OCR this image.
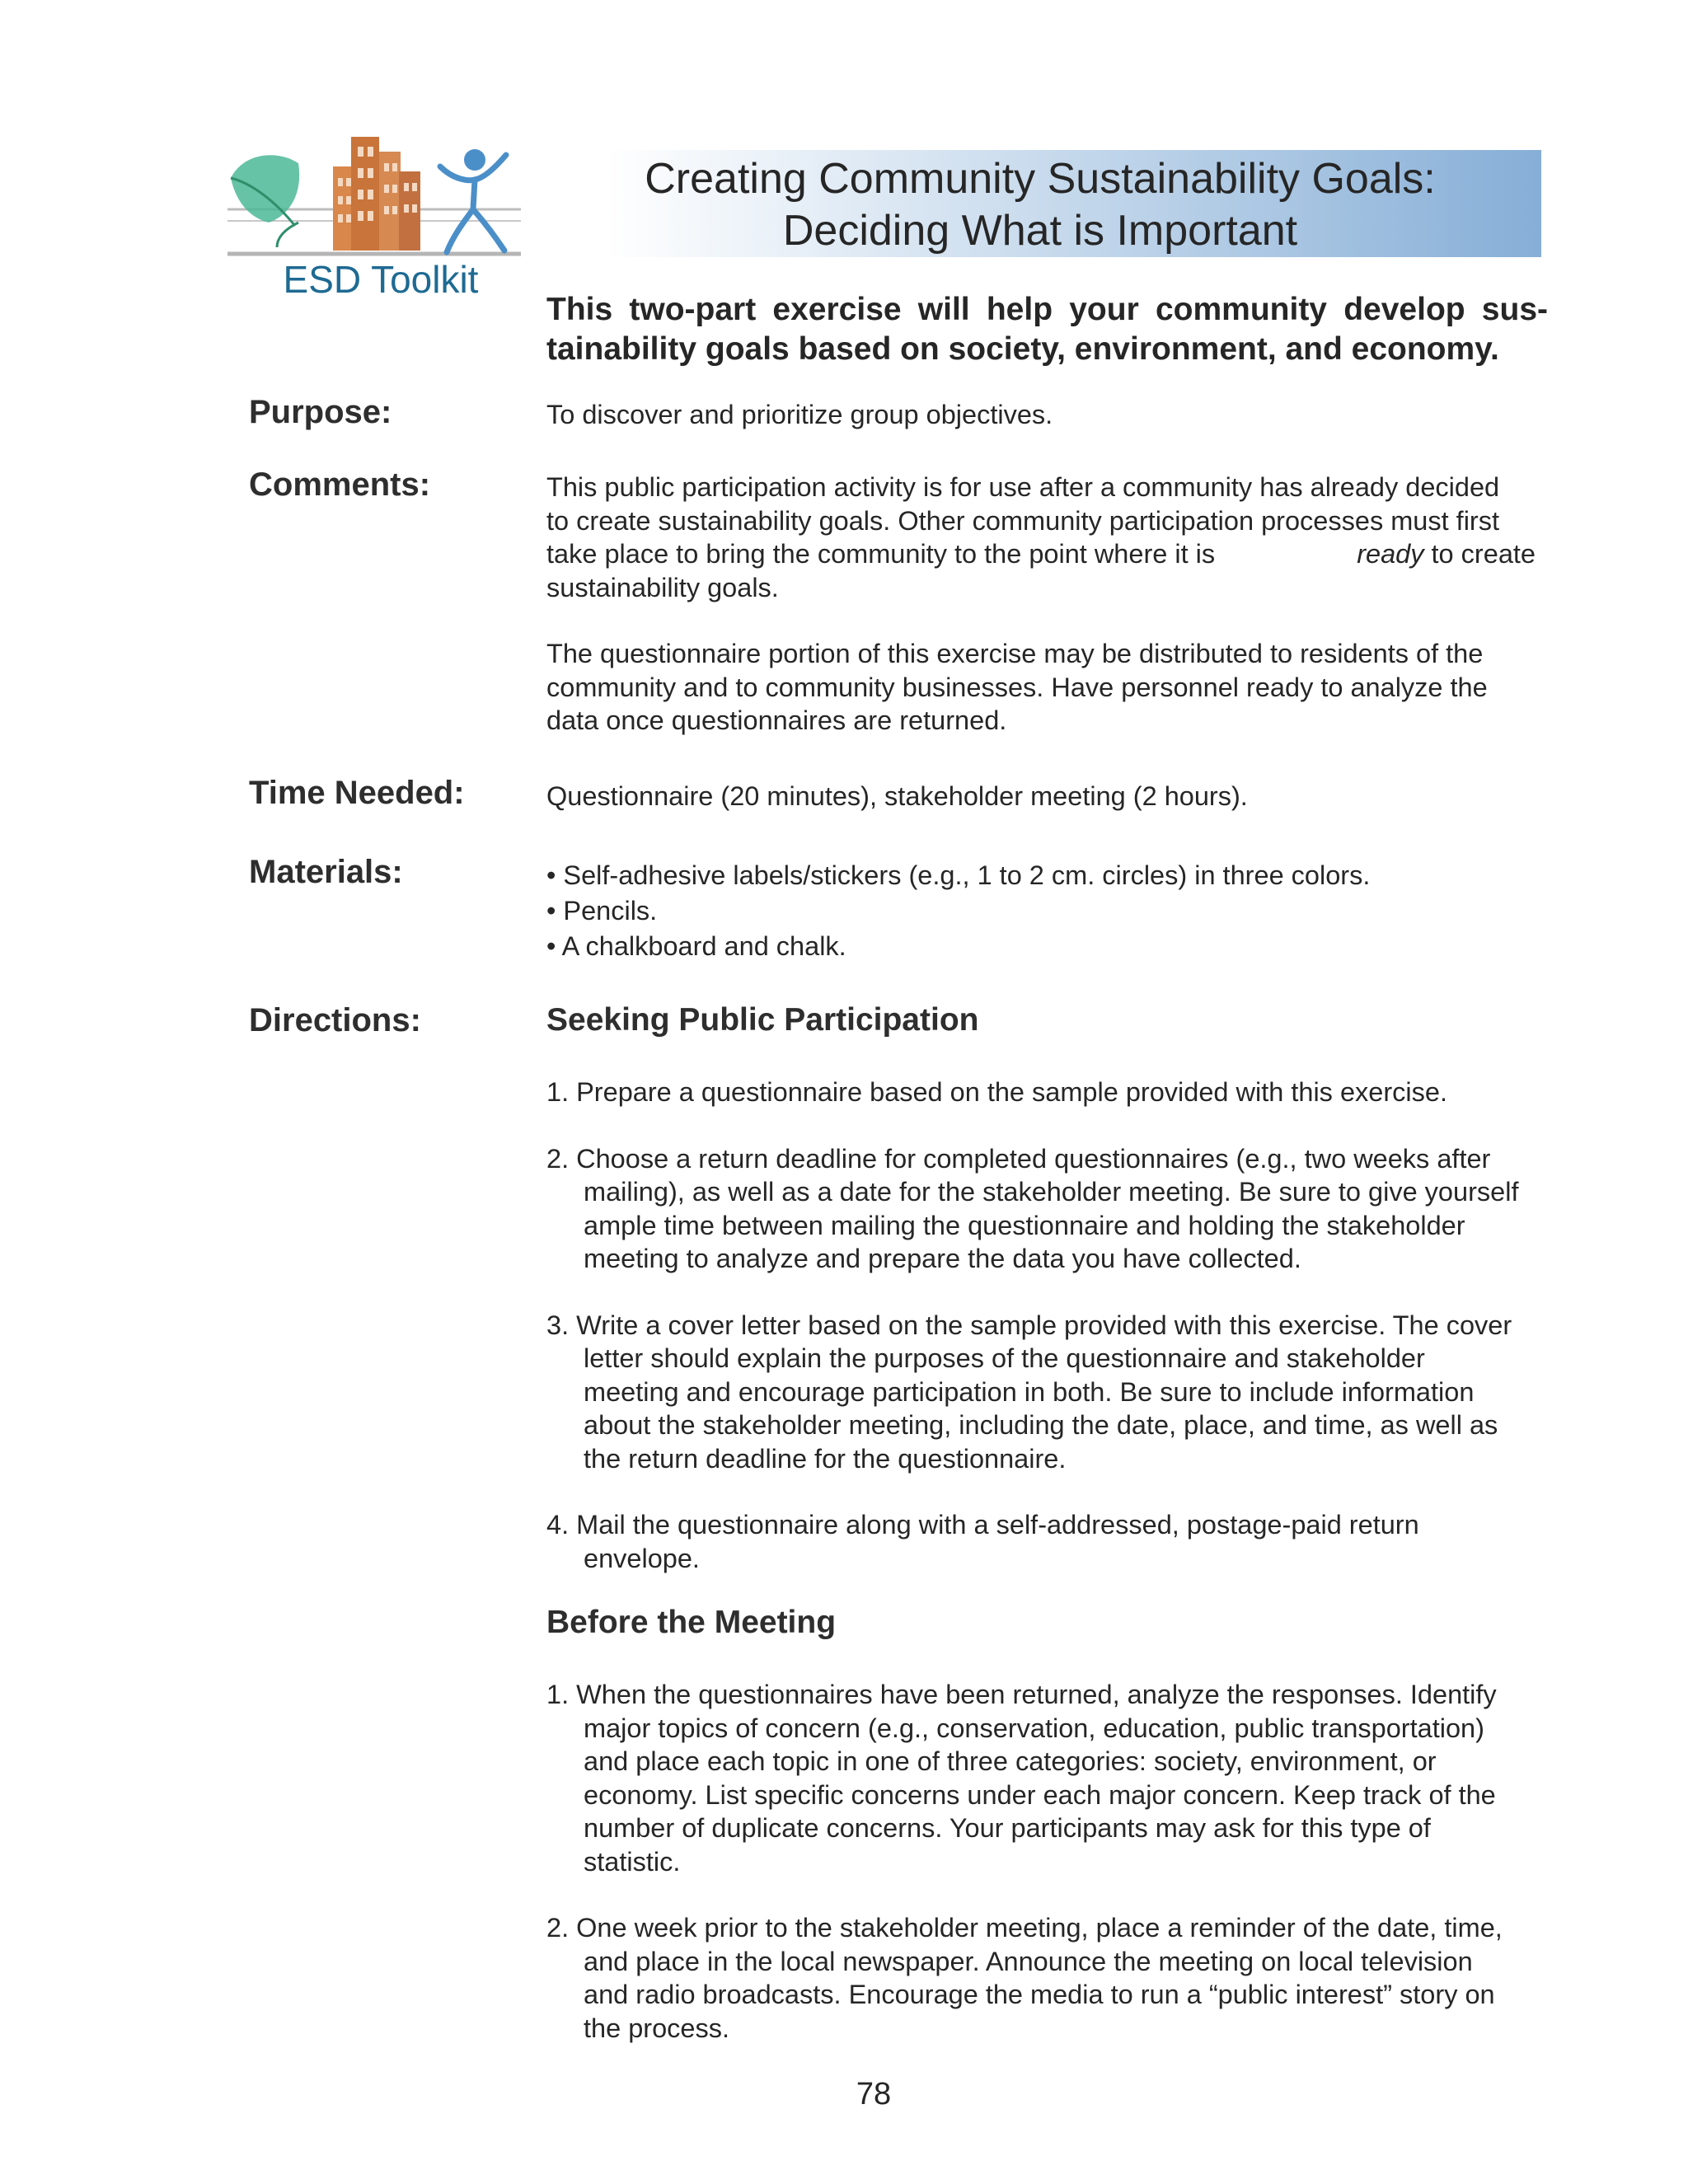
ESD Toolkit
Creating Community Sustainability Goals:
Deciding What is Important
This two-part exercise will help your community develop sus-
tainability goals based on society, environment, and economy.
Purpose:	To discover and prioritize group objectives.
Comments:	This public participation activity is for use after a community has already decided
to create sustainability goals. Other community participation processes must first
take place to bring the community to the point where it is	ready to create
sustainability goals.
The questionnaire portion of this exercise may be distributed to residents of the
community and to community businesses. Have personnel ready to analyze the
data once questionnaires are returned.
Time Needed:	Questionnaire (20 minutes), stakeholder meeting (2 hours).
Materials:	• Self-adhesive labels/stickers (e.g., 1 to 2 cm. circles) in three colors.
• Pencils.
• A chalkboard and chalk.
Directions:	Seeking Public Participation

1. Prepare a questionnaire based on the sample provided with this exercise.

2. Choose a return deadline for completed questionnaires (e.g., two weeks after mailing), as well as a date for the stakeholder meeting. Be sure to give yourself ample time between mailing the questionnaire and holding the stakeholder meeting to analyze and prepare the data you have collected.

3. Write a cover letter based on the sample provided with this exercise. The cover letter should explain the purposes of the questionnaire and stakeholder meeting and encourage participation in both. Be sure to include information about the stakeholder meeting, including the date, place, and time, as well as the return deadline for the questionnaire.

4. Mail the questionnaire along with a self-addressed, postage-paid return envelope.

Before the Meeting

1. When the questionnaires have been returned, analyze the responses. Identify major topics of concern (e.g., conservation, education, public transportation) and place each topic in one of three categories: society, environment, or economy. List specific concerns under each major concern. Keep track of the number of duplicate concerns. Your participants may ask for this type of statistic.

2. One week prior to the stakeholder meeting, place a reminder of the date, time, and place in the local newspaper. Announce the meeting on local television and radio broadcasts. Encourage the media to run a “public interest” story on the process.

78
